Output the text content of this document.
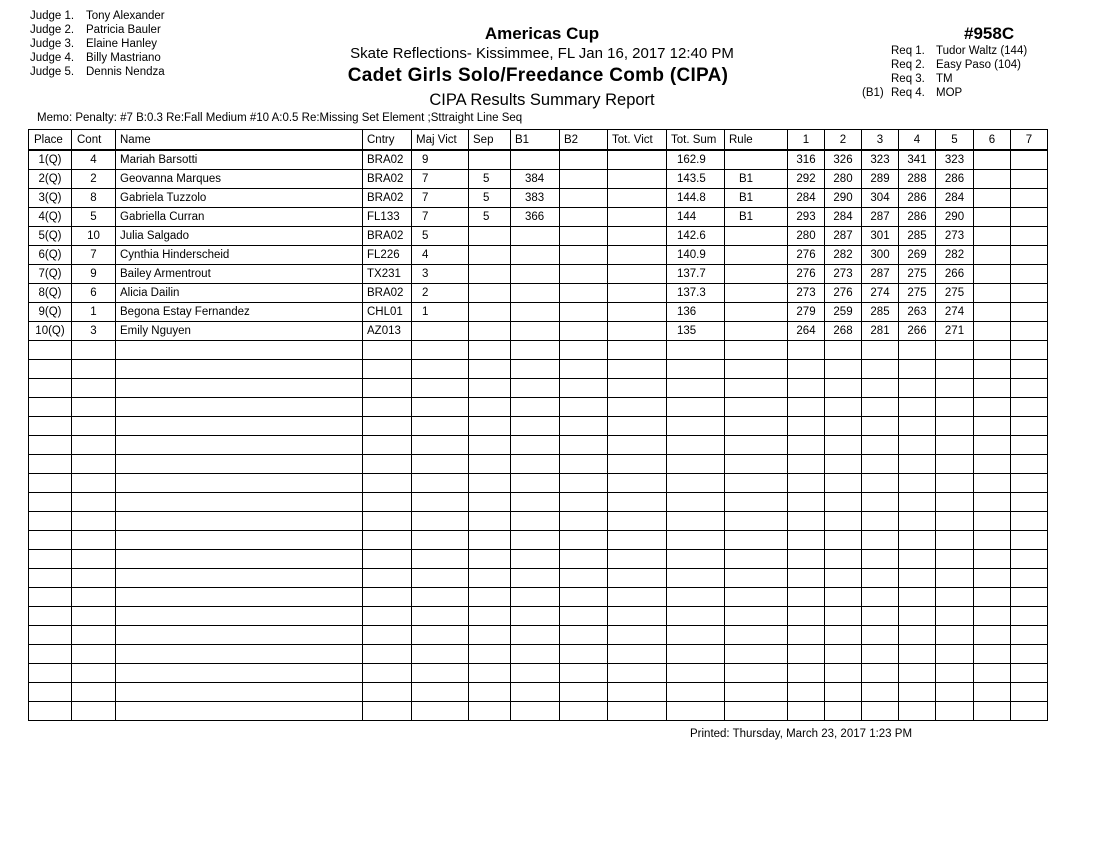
Judge 1. Tony Alexander
Judge 2. Patricia Bauler
Judge 3. Elaine Hanley
Judge 4. Billy Mastriano
Judge 5. Dennis Nendza
Americas Cup
Skate Reflections- Kissimmee, FL Jan 16, 2017 12:40 PM
Cadet Girls Solo/Freedance Comb (CIPA)
CIPA Results Summary Report
#958C
Req 1. Tudor Waltz (144)
Req 2. Easy Paso (104)
Req 3. TM
(B1) Req 4. MOP
Memo: Penalty: #7 B:0.3 Re:Fall Medium #10 A:0.5 Re:Missing Set Element ;Sttraight Line Seq
Place	Cont	Name	Cntry	Maj Vict	Sep	B1	B2	Tot. Vict	Tot. Sum	Rule	1	2	3	4	5	6	7
1(Q)	4	Mariah Barsotti	BRA02	9					162.9		316	326	323	341	323		
2(Q)	2	Geovanna Marques	BRA02	7	5	384			143.5	B1	292	280	289	288	286		
3(Q)	8	Gabriela Tuzzolo	BRA02	7	5	383			144.8	B1	284	290	304	286	284		
4(Q)	5	Gabriella Curran	FL133	7	5	366			144	B1	293	284	287	286	290		
5(Q)	10	Julia Salgado	BRA02	5					142.6		280	287	301	285	273		
6(Q)	7	Cynthia Hinderscheid	FL226	4					140.9		276	282	300	269	282		
7(Q)	9	Bailey Armentrout	TX231	3					137.7		276	273	287	275	266		
8(Q)	6	Alicia Dailin	BRA02	2					137.3		273	276	274	275	275		
9(Q)	1	Begona Estay Fernandez	CHL01	1					136		279	259	285	263	274		
10(Q)	3	Emily Nguyen	AZ013						135		264	268	281	266	271		

Printed: Thursday, March 23, 2017 1:23 PM
